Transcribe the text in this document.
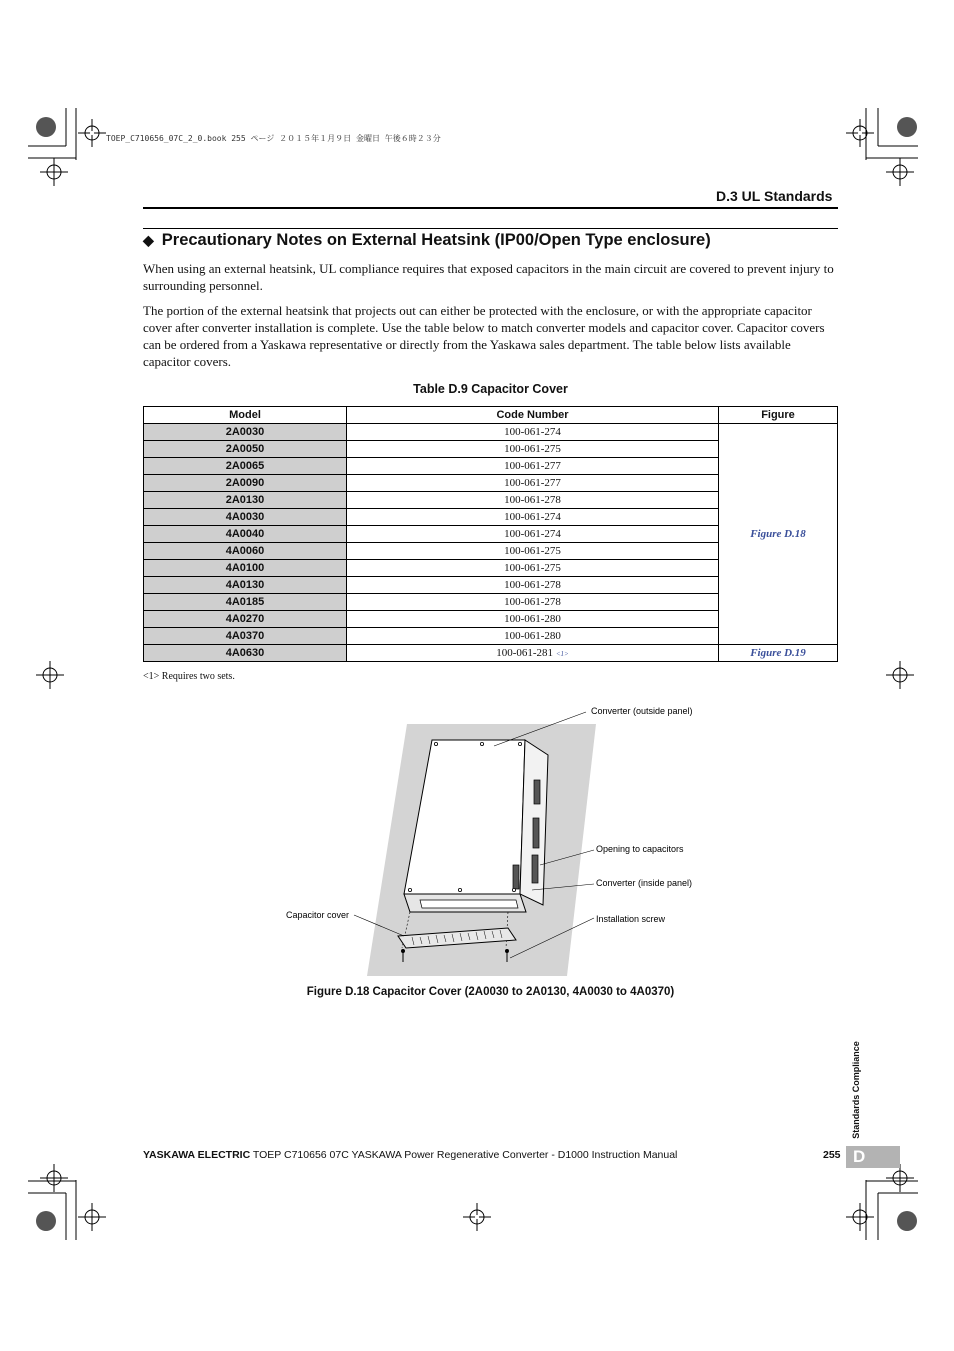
TOEP_C710656_07C_2_0.book 255 ページ ２０１５年１月９日 金曜日 午後６時２３分
D.3 UL Standards
◆ Precautionary Notes on External Heatsink (IP00/Open Type enclosure)
When using an external heatsink, UL compliance requires that exposed capacitors in the main circuit are covered to prevent injury to surrounding personnel.
The portion of the external heatsink that projects out can either be protected with the enclosure, or with the appropriate capacitor cover after converter installation is complete. Use the table below to match converter models and capacitor cover. Capacitor covers can be ordered from a Yaskawa representative or directly from the Yaskawa sales department. The table below lists available capacitor covers.
Table D.9 Capacitor Cover
Model	Code Number	Figure
2A0030	100-061-274	Figure D.18
2A0050	100-061-275	
2A0065	100-061-277	
2A0090	100-061-277	
2A0130	100-061-278	
4A0030	100-061-274	
4A0040	100-061-274	
4A0060	100-061-275	
4A0100	100-061-275	
4A0130	100-061-278	
4A0185	100-061-278	
4A0270	100-061-280	
4A0370	100-061-280	
4A0630	100-061-281 <1>	Figure D.19
<1> Requires two sets.
Converter (outside panel)
Opening to capacitors
Converter (inside panel)
Installation screw
Capacitor cover
Figure D.18 Capacitor Cover (2A0030 to 2A0130, 4A0030 to 4A0370)
Standards Compliance
YASKAWA ELECTRIC TOEP C710656 07C YASKAWA Power Regenerative Converter - D1000 Instruction Manual	255 D
